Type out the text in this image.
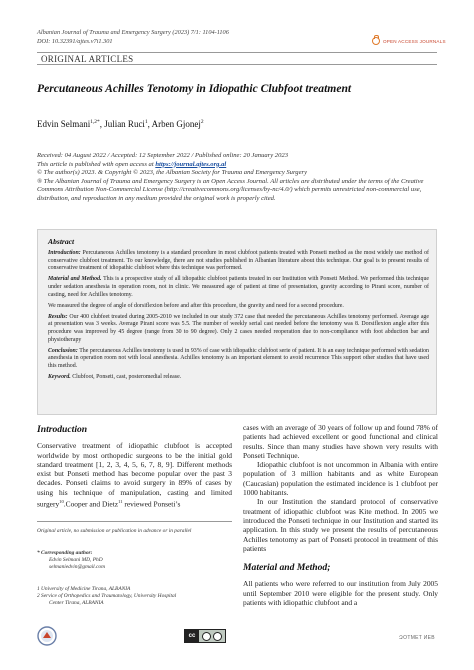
Albanian Journal of Trauma and Emergency Surgery (2023) 7/1: 1104-1106
DOI: 10.32391/ajtes.v7i1.301	OPEN ACCESS JOURNALS
ORIGINAL ARTICLES
Percutaneous Achilles Tenotomy in Idiopathic Clubfoot treatment
Edvin Selmani$^{1,2*}$, Julian Ruci$^1$, Arben Gjonej$^2$
Received: 04 August 2022 / Accepted: 12 September 2022 / Published online: 20 January 2023
This article is published with open access at https://journal.ajtes.org.al
© The author(s) 2023. & Copyright © 2023, the Albanian Society for Trauma and Emergency Surgery
® The Albanian Journal of Trauma and Emergency Surgery is an Open Access Journal. All articles are distributed under the terms of the Creative Commons Attribution Non-Commercial License (http://creativecommons.org/licenses/by-nc/4.0/) which permits unrestricted non-commercial use, distribution, and reproduction in any medium provided the original work is properly cited.
Abstract

Introduction: Percutaneous Achilles tenotomy is a standard procedure in most clubfoot patients treated with Ponseti method as the most widely use method of conservative clubfoot treatment. To our knowledge, there are not studies published in Albanian literature about this technique. Our goal is to present results of conservative treatment of idiopathic clubfoot where this technique was performed.

Material and Method. This is a prospective study of all idiopathic clubfoot patients treated in our Institution with Ponseti Method. We performed this technique under sedation anesthesia in operation room, not in clinic. We measured age of patient at time of presentation, gravity according to Pirani score, number of casting, need for Achilles tenotomy.

We measured the degree of angle of dorsiflexion before and after this procedure, the gravity and need for a second procedure.

Results: Our 400 clubfeet treated during 2005-2010 we included in our study 372 case that needed the percutaneous Achilles tenotomy performed. Average age at presentation was 3 weeks. Average Pirani score was 5.5. The number of weekly serial cast needed before the tenotomy was 8. Dorsiflexion angle after this procedure was improved by 45 degree (range from 30 to 90 degree). Only 2 cases needed reoperation due to non-compliance with foot abduction bar and physiotherapy

Conclusion: The percutaneous Achilles tenotomy is used in 93% of case with idiopathic clubfoot serie of patient. It is an easy technique performed with sedation anesthesia in operation room not with local anesthesia. Achilles tenotomy is an important element to avoid recurrence This support other studies that have used this method.

Keyword. Clubfoot, Ponseti, cast, posteromedial release.

Introduction
Conservative treatment of idiopathic clubfoot is accepted worldwide by most orthopedic surgeons to be the initial gold standard treatment [1, 2, 3, 4, 5, 6, 7, 8, 9]. Different methods exist but Ponseti method has become popular over the past 3 decades. Ponseti claims to avoid surgery in 89% of cases by using his technique of manipulation, casting and limited surgery$^{10}$.Cooper and Dietz$^{11}$ reviewed Ponseti’s
Original article, no submission or publication in advance or in parallel
* Corresponding author:
Edvin Selmani MD, PhD
selmaniedvin@gmail.com
1 University of Medicine Tirana, ALBANIA
2 Service of Orthopedics and Traumatology, University Hospital
Center Tirana, ALBANIA
cases with an average of 30 years of follow up and found 78% of patients had achieved excellent or good functional and clinical results. Since than many studies have shown very results with Ponseti Technique.
Idiopathic clubfoot is not uncommon in Albania with entire population of 3 million habitants and as white European (Caucasian) population the estimated incidence is 1 clubfoot per 1000 habitants.
In our Institution the standard protocol of conservative treatment of idiopathic clubfoot was Kite method. In 2005 we introduced the Ponseti technique in our Institution and started its application. In this study we present the results of percutaneous Achilles tenotomy as part of Ponseti protocol in treatment of this patients
Material and Method;
All patients who were referred to our institution from July 2005 until September 2010 were eligible for the present study. Only patients with idiopathic clubfoot and a
cc	ԶOTMET ИEB
